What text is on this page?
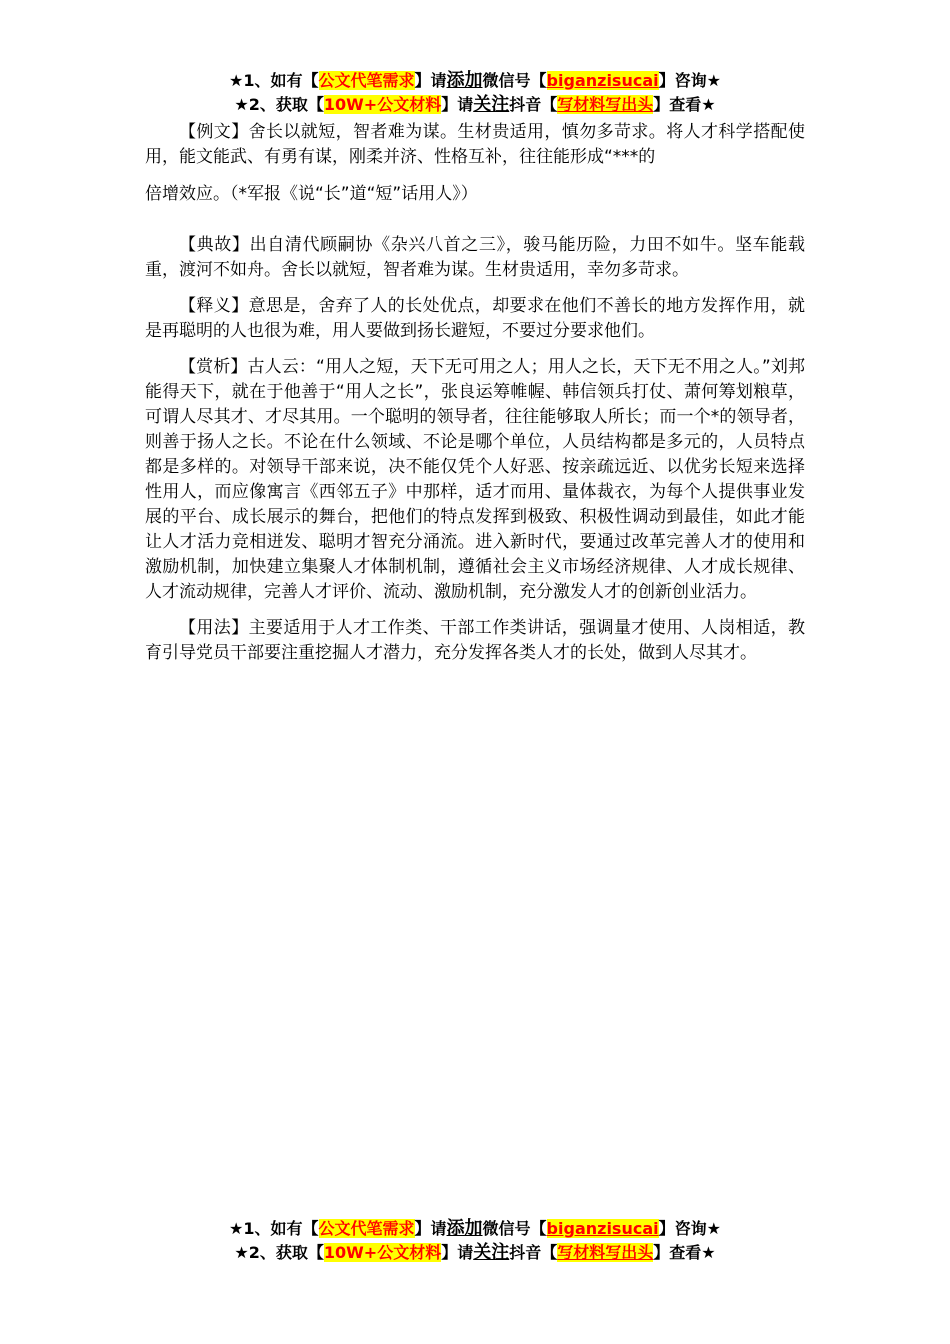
★1、如有【公文代笔需求】请添加微信号【biganzisucai】咨询★
★2、获取【10W+公文材料】请关注抖音【写材料写出头】查看★

【例文】舍长以就短，智者难为谋。生材贵适用，慎勿多苛求。将人才科学搭配使用，能文能武、有勇有谋，刚柔并济、性格互补，往往能形成“***的
倍增效应。（*军报《说“长”道“短”话用人》）

【典故】出自清代顾嗣协《杂兴八首之三》，骏马能历险，力田不如牛。坚车能载重，渡河不如舟。舍长以就短，智者难为谋。生材贵适用，幸勿多苛求。

【释义】意思是，舍弃了人的长处优点，却要求在他们不善长的地方发挥作用，就是再聪明的人也很为难，用人要做到扬长避短，不要过分要求他们。

【赏析】古人云：“用人之短，天下无可用之人；用人之长，天下无不用之人。”刘邦能得天下，就在于他善于“用人之长”，张良运筹帷幄、韩信领兵打仗、萧何筹划粮草，可谓人尽其才、才尽其用。一个聪明的领导者，往往能够取人所长；而一个*的领导者，则善于扬人之长。不论在什么领域、不论是哪个单位，人员结构都是多元的，人员特点都是多样的。对领导干部来说，决不能仅凭个人好恶、按亲疏远近、以优劣长短来选择性用人，而应像寓言《西邻五子》中那样，适才而用、量体裁衣，为每个人提供事业发展的平台、成长展示的舞台，把他们的特点发挥到极致、积极性调动到最佳，如此才能让人才活力竞相迸发、聪明才智充分涌流。进入新时代，要通过改革完善人才的使用和激励机制，加快建立集聚人才体制机制，遵循社会主义市场经济规律、人才成长规律、人才流动规律，完善人才评价、流动、激励机制，充分激发人才的创新创业活力。

【用法】主要适用于人才工作类、干部工作类讲话，强调量才使用、人岗相适，教育引导党员干部要注重挖掘人才潜力，充分发挥各类人才的长处，做到人尽其才。

★1、如有【公文代笔需求】请添加微信号【biganzisucai】咨询★
★2、获取【10W+公文材料】请关注抖音【写材料写出头】查看★
